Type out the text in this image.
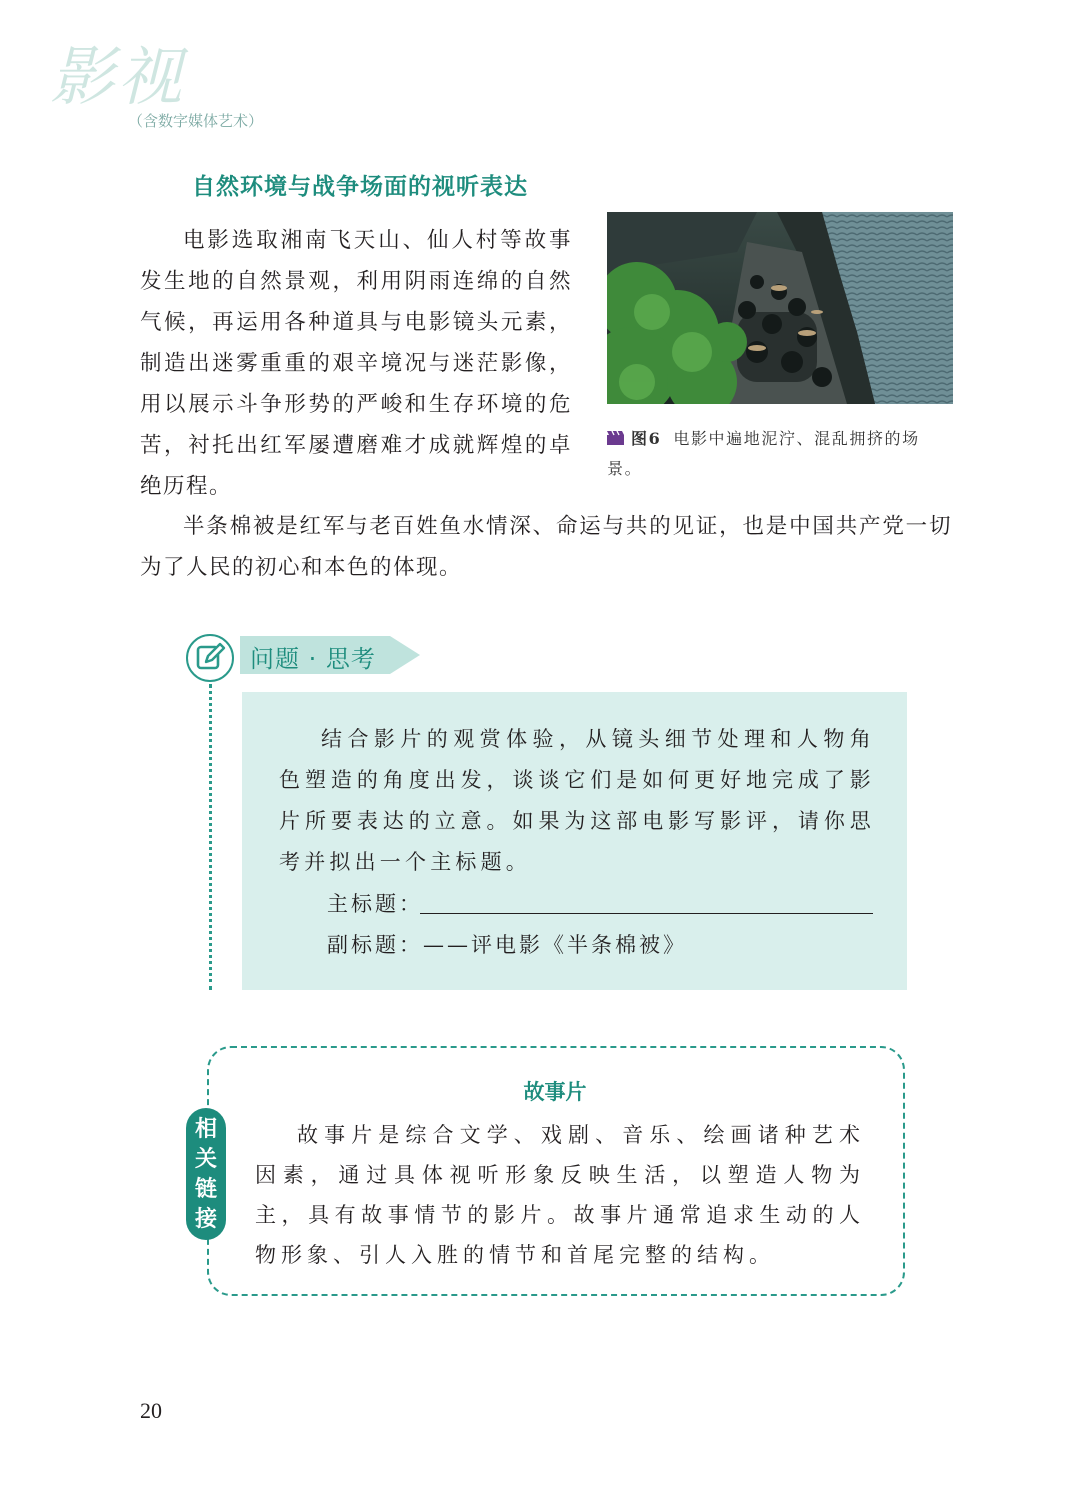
影视
（含数字媒体艺术）
自然环境与战争场面的视听表达
电影选取湘南飞天山、仙人村等故事发生地的自然景观，利用阴雨连绵的自然气候，再运用各种道具与电影镜头元素，制造出迷雾重重的艰辛境况与迷茫影像，用以展示斗争形势的严峻和生存环境的危苦，衬托出红军屡遭磨难才成就辉煌的卓绝历程。
图6 电影中遍地泥泞、混乱拥挤的场景。
半条棉被是红军与老百姓鱼水情深、命运与共的见证，也是中国共产党一切为了人民的初心和本色的体现。
问题 · 思考
结合影片的观赏体验，从镜头细节处理和人物角色塑造的角度出发，谈谈它们是如何更好地完成了影片所要表达的立意。如果为这部电影写影评，请你思考并拟出一个主标题。
主标题：
副标题：——评电影《半条棉被》
相
关
链
接
故事片
故事片是综合文学、戏剧、音乐、绘画诸种艺术因素，通过具体视听形象反映生活，以塑造人物为主，具有故事情节的影片。故事片通常追求生动的人物形象、引人入胜的情节和首尾完整的结构。
20
